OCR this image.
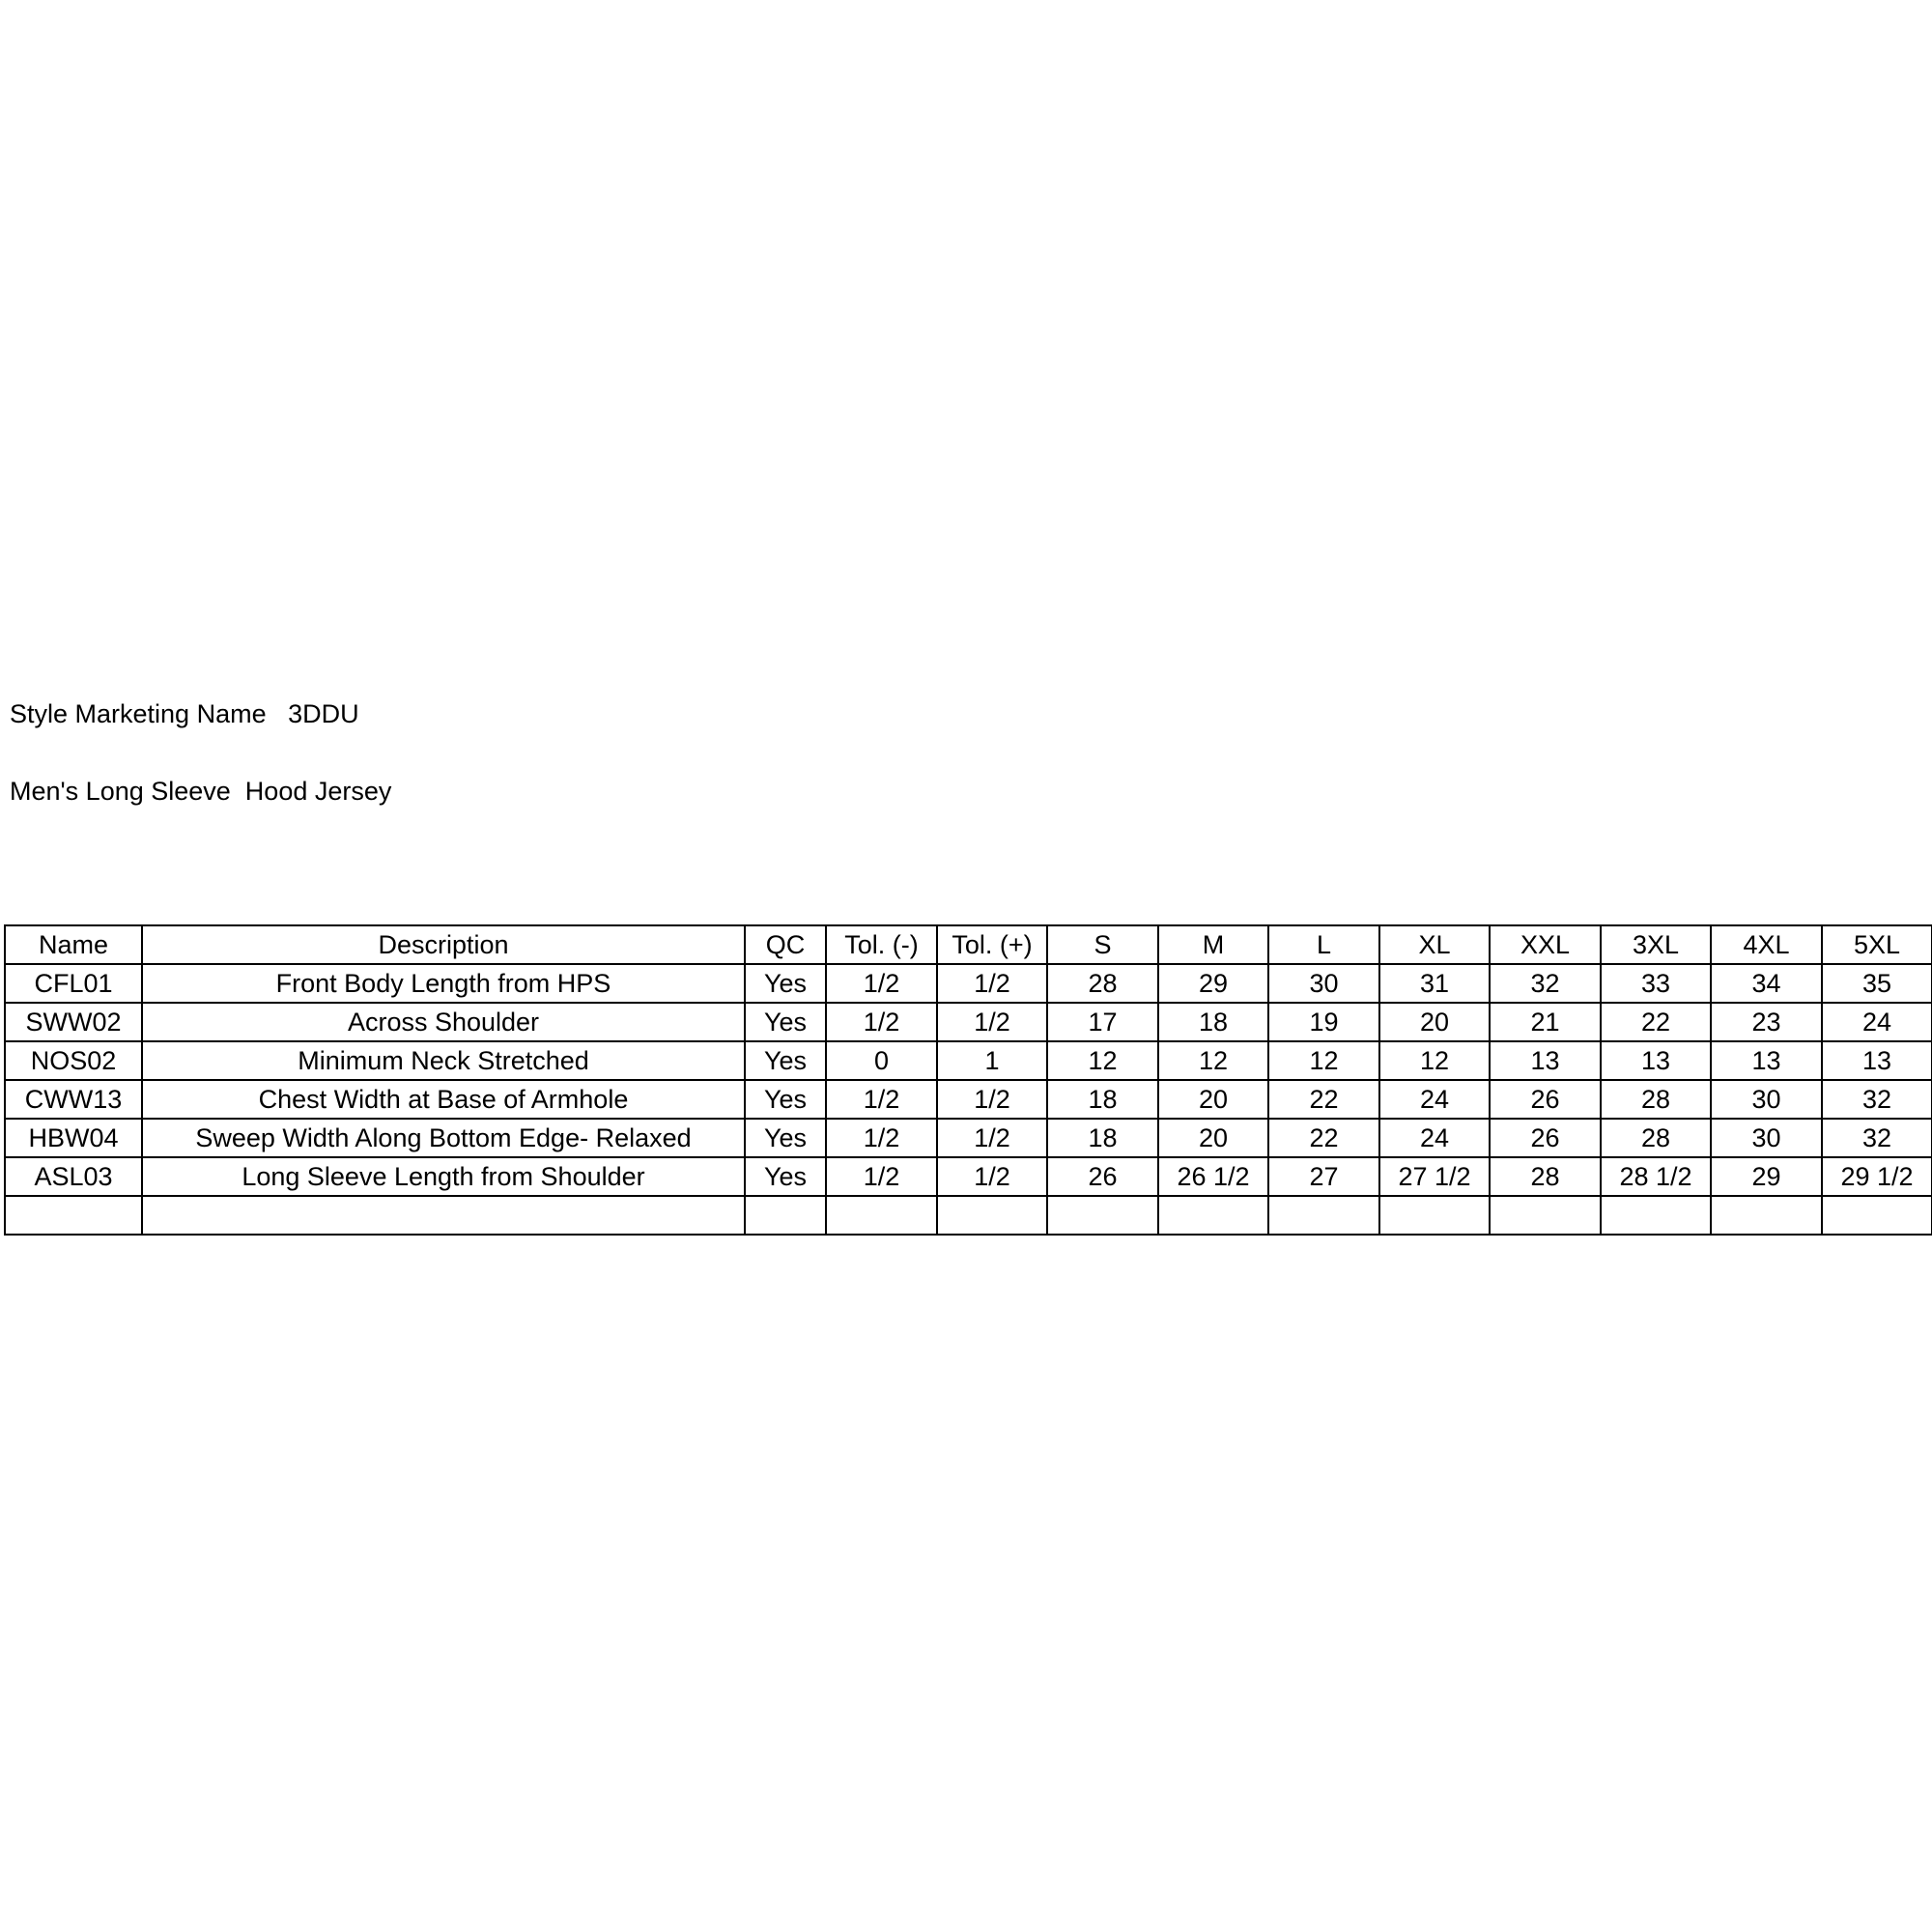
Style Marketing Name 3DDU
Men's Long Sleeve  Hood Jersey
Name	Description	QC	Tol. (-)	Tol. (+)	S	M	L	XL	XXL	3XL	4XL	5XL
CFL01	Front Body Length from HPS	Yes	1/2	1/2	28	29	30	31	32	33	34	35
SWW02	Across Shoulder	Yes	1/2	1/2	17	18	19	20	21	22	23	24
NOS02	Minimum Neck Stretched	Yes	0	1	12	12	12	12	13	13	13	13
CWW13	Chest Width at Base of Armhole	Yes	1/2	1/2	18	20	22	24	26	28	30	32
HBW04	Sweep Width Along Bottom Edge- Relaxed	Yes	1/2	1/2	18	20	22	24	26	28	30	32
ASL03	Long Sleeve Length from Shoulder	Yes	1/2	1/2	26	26 1/2	27	27 1/2	28	28 1/2	29	29 1/2
